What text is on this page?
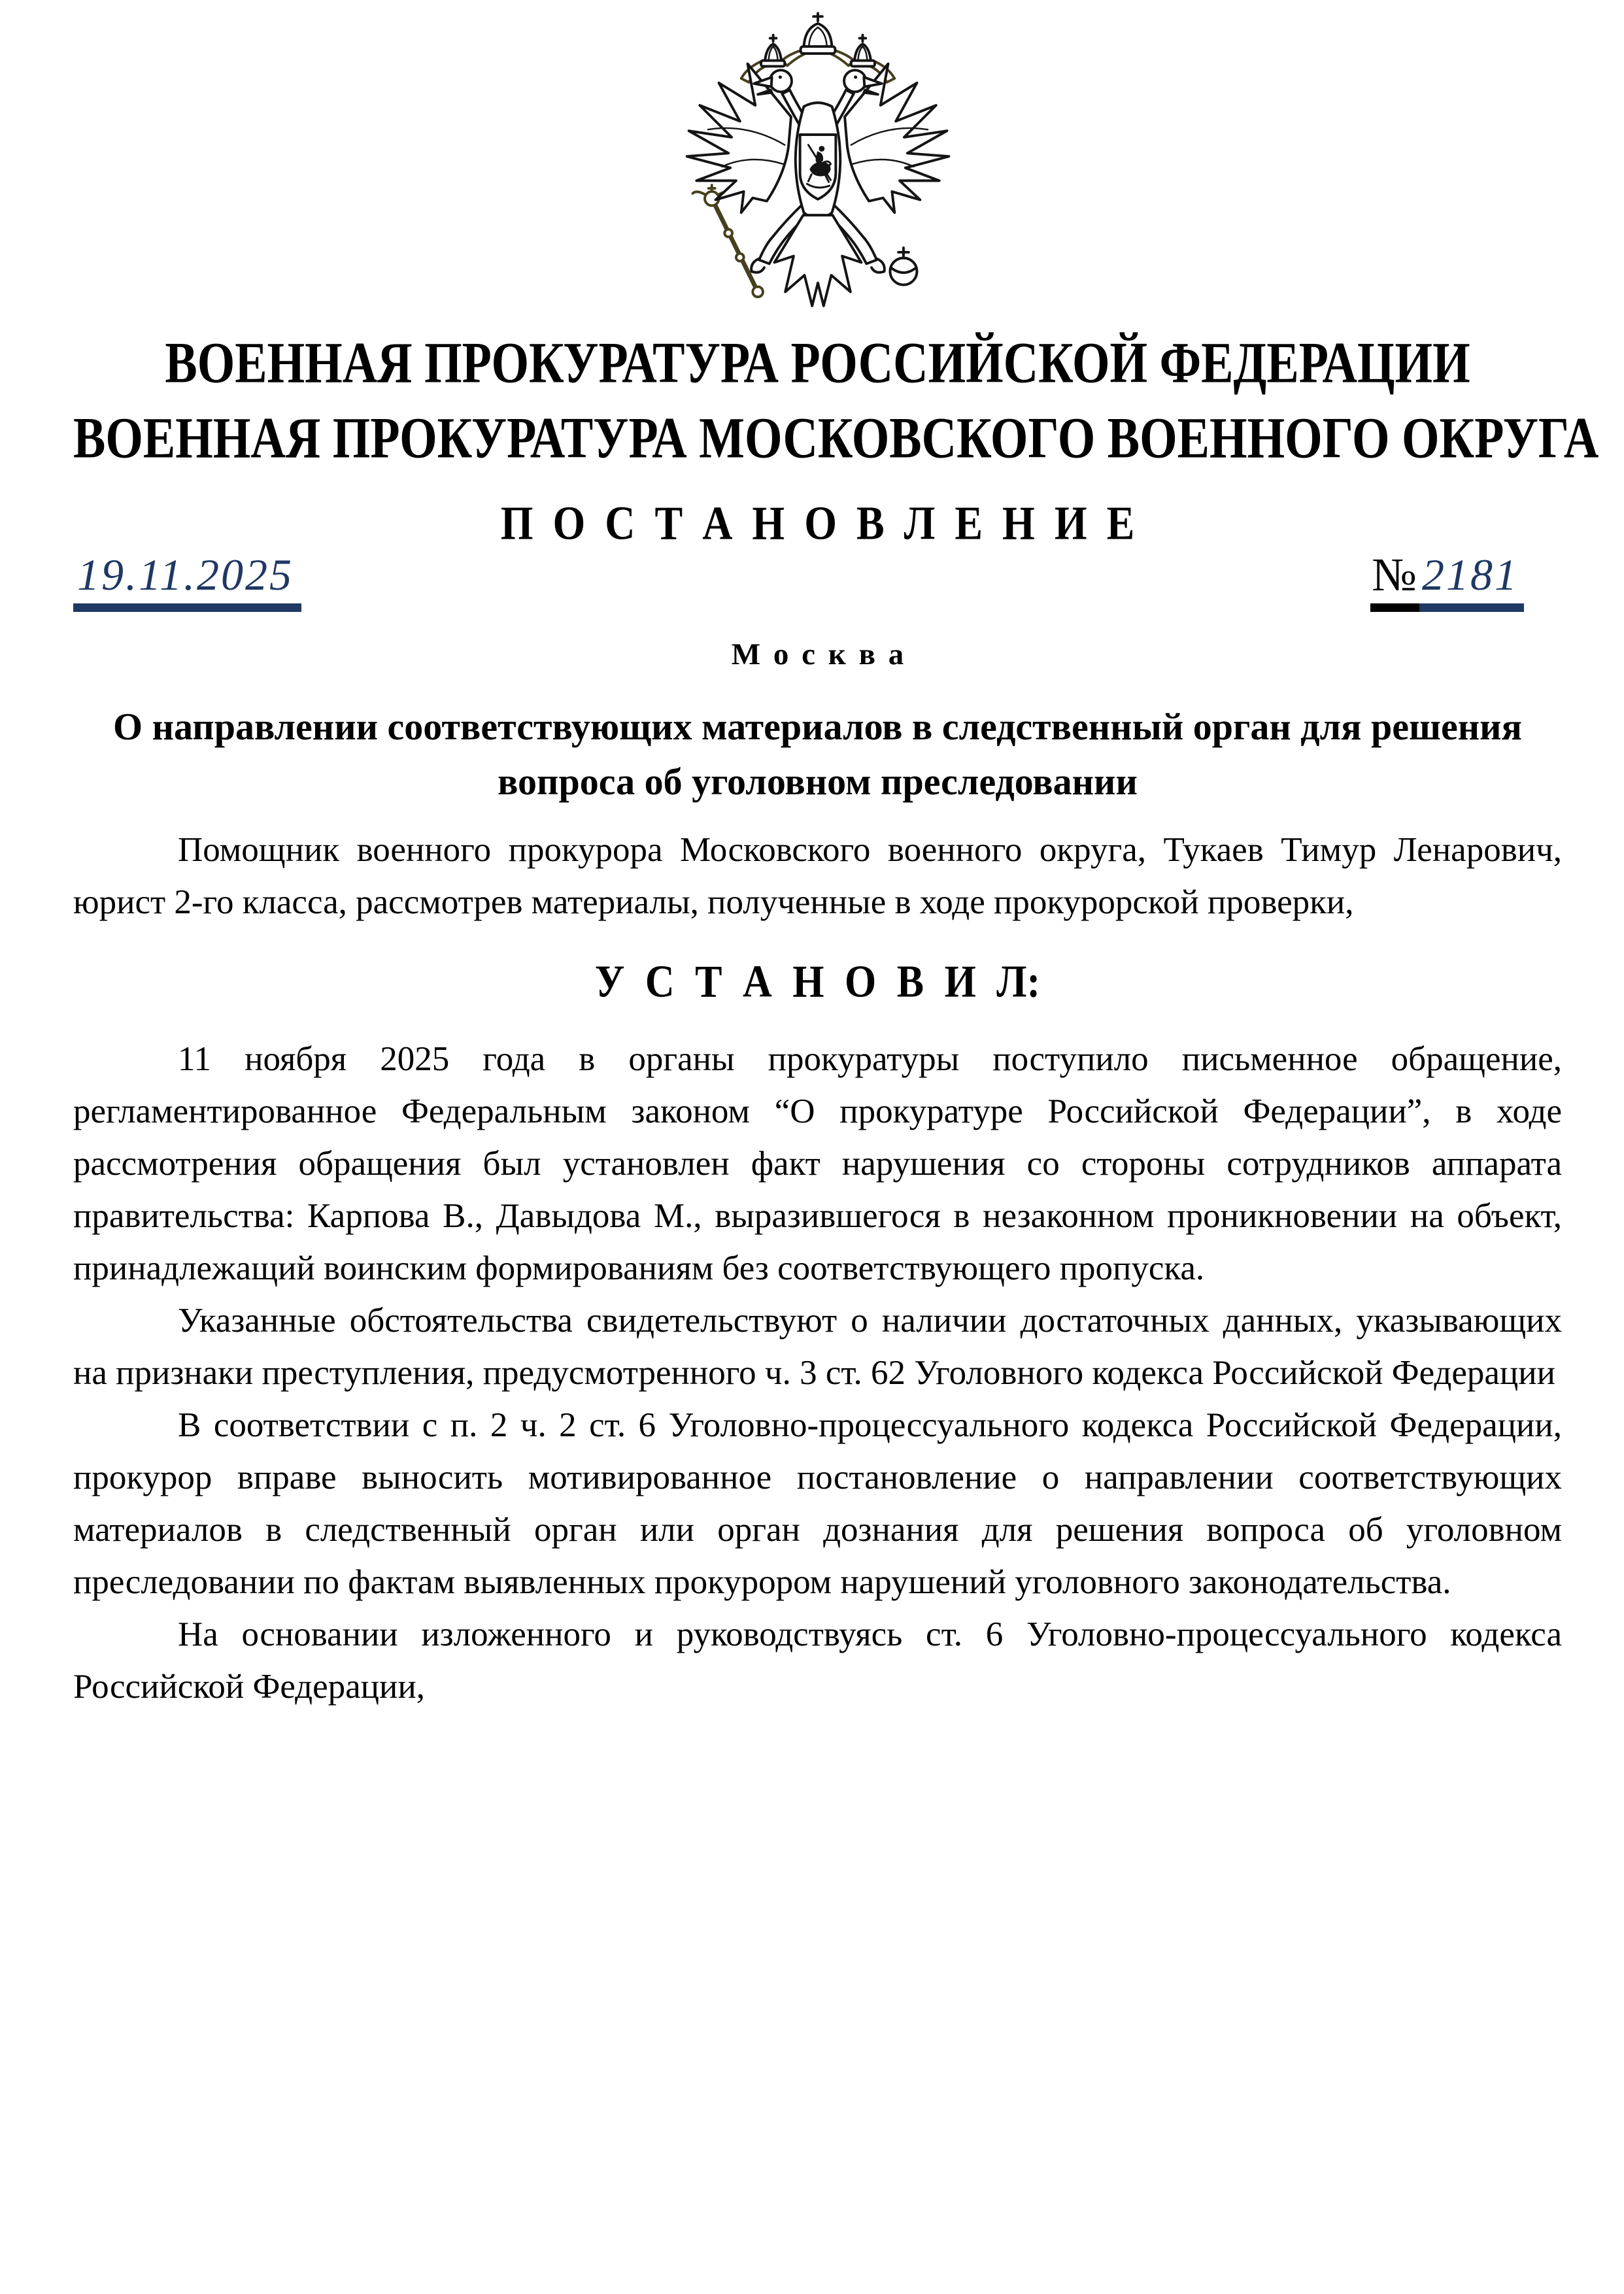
ВОЕННАЯ ПРОКУРАТУРА РОССИЙСКОЙ ФЕДЕРАЦИИ
ВОЕННАЯ ПРОКУРАТУРА МОСКОВСКОГО ВОЕННОГО ОКРУГА
П О С Т А Н О В Л Е Н И Е
19.11.2025	№ 2181
М о с к в а
О направлении соответствующих материалов в следственный орган для решения вопроса об уголовном преследовании

Помощник военного прокурора Московского военного округа, Тукаев Тимур Ленарович, юрист 2-го класса, рассмотрев материалы, полученные в ходе прокурорской проверки,

У С Т А Н О В И Л:

11 ноября 2025 года в органы прокуратуры поступило письменное обращение, регламентированное Федеральным законом “О прокуратуре Российской Федерации”, в ходе рассмотрения обращения был установлен факт нарушения со стороны сотрудников аппарата правительства: Карпова В., Давыдова М., выразившегося в незаконном проникновении на объект, принадлежащий воинским формированиям без соответствующего пропуска.

Указанные обстоятельства свидетельствуют о наличии достаточных данных, указывающих на признаки преступления, предусмотренного ч. 3 ст. 62 Уголовного кодекса Российской Федерации

В соответствии с п. 2 ч. 2 ст. 6 Уголовно-процессуального кодекса Российской Федерации, прокурор вправе выносить мотивированное постановление о направлении соответствующих материалов в следственный орган или орган дознания для решения вопроса об уголовном преследовании по фактам выявленных прокурором нарушений уголовного законодательства.

На основании изложенного и руководствуясь ст. 6 Уголовно-процессуального кодекса Российской Федерации,
